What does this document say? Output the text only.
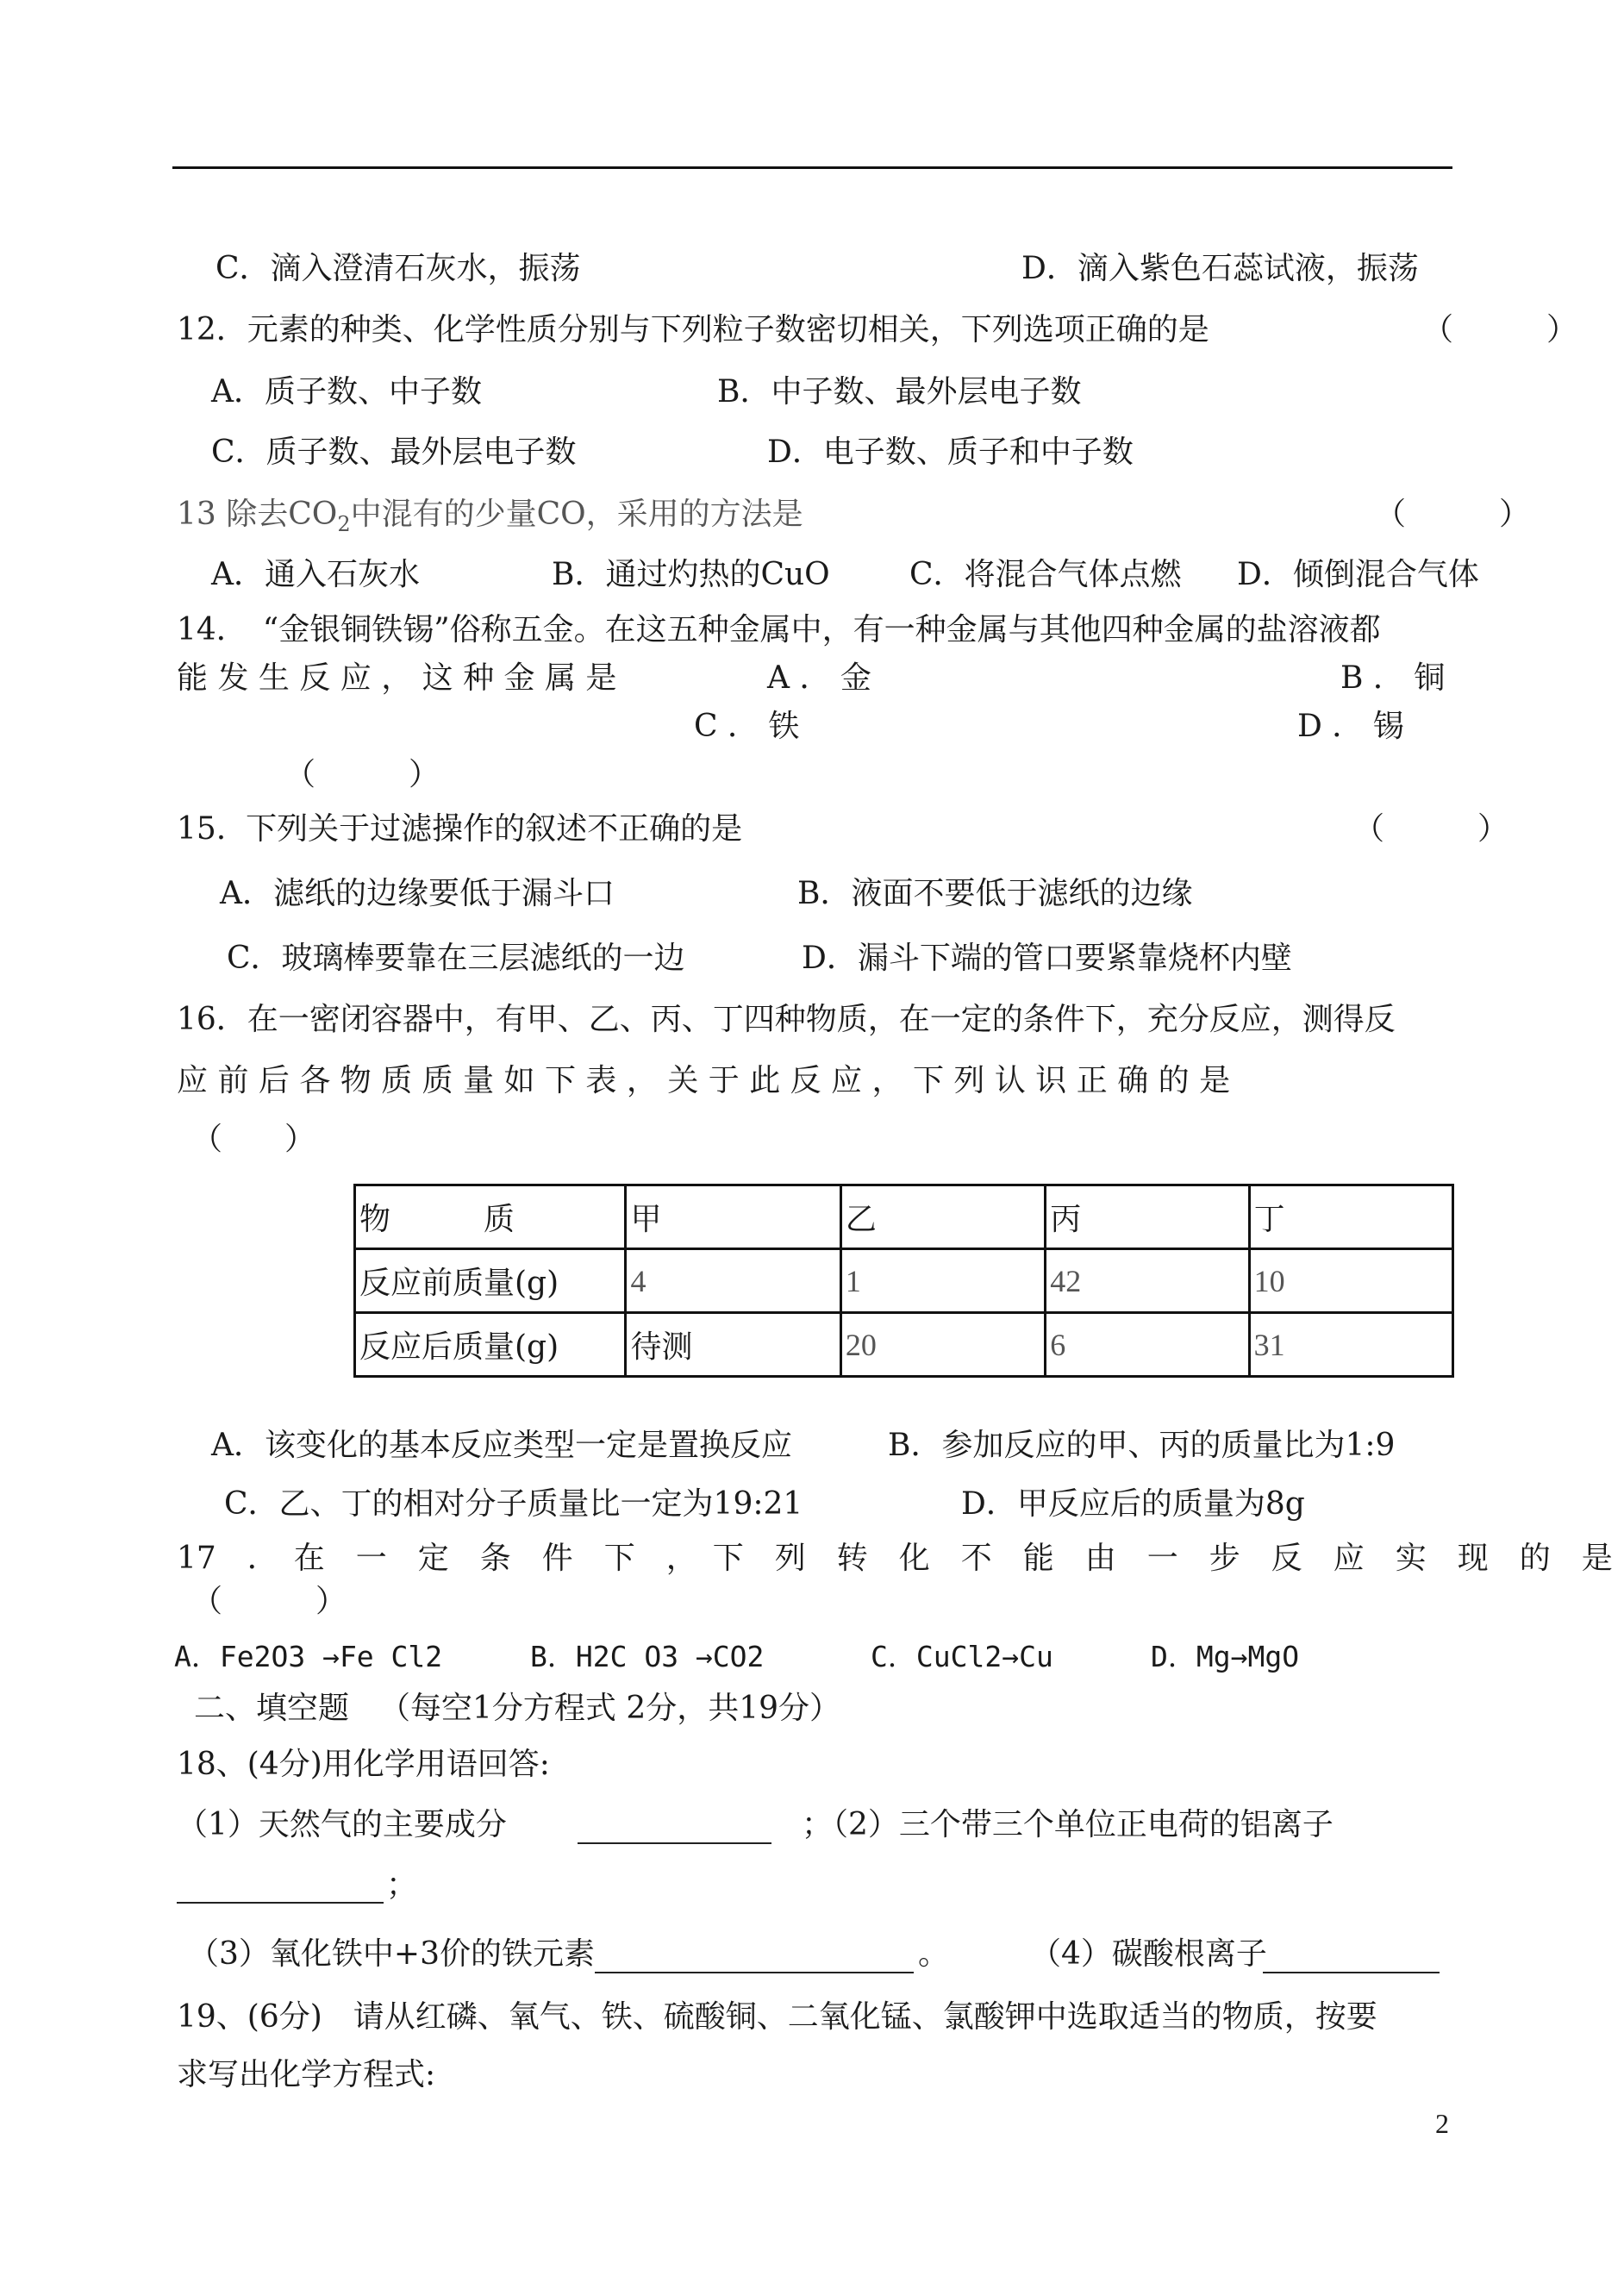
C．滴入澄清石灰水，振荡	D．滴入紫色石蕊试液，振荡
12．元素的种类、化学性质分别与下列粒子数密切相关，下列选项正确的是	（　　　）
A．质子数、中子数	B．中子数、最外层电子数
C．质子数、最外层电子数	D．电子数、质子和中子数
13 除去$CO_2$中混有的少量CO，采用的方法是	（　　　）
A．通入石灰水	B．通过灼热的CuO	C．将混合气体点燃 D．倾倒混合气体
14．　“金银铜铁锡”俗称五金。在这五种金属中，有一种金属与其他四种金属的盐溶液都
能 发 生 反 应 ， 这 种 金 属 是	A ． 金	B ． 铜
C ． 铁	D ． 锡
（　　　）
15.  下列关于过滤操作的叙述不正确的是	（　　　）
A．滤纸的边缘要低于漏斗口	B．液面不要低于滤纸的边缘
C．玻璃棒要靠在三层滤纸的一边	D．漏斗下端的管口要紧靠烧杯内壁
16．在一密闭容器中，有甲、乙、丙、丁四种物质，在一定的条件下，充分反应，测得反
应 前 后 各 物 质 质 量 如 下 表 ， 关 于 此 反 应 ， 下 列 认 识 正 确 的 是
（　　）
物　　　质	甲	乙	丙	丁
反应前质量(g)	4	1	42	10
反应后质量(g)	待测	20	6	31
A．该变化的基本反应类型一定是置换反应	B．参加反应的甲、丙的质量比为1:9
C．乙、丁的相对分子质量比一定为19:21	D．甲反应后的质量为8g
17　．　在　一　定　条　件　下　，　下　列　转　化　不　能　由　一　步　反　应　实　现　的　是
（　　　）
A．Fe2O3 →Fe Cl2	B．H2C O3 →CO2	C．CuCl2→Cu	D．Mg→MgO
二、填空题 （每空1分方程式 2分，共19分）
18、(4分)用化学用语回答:
（1）天然气的主要成分	；（2）三个带三个单位正电荷的铝离子
；
（3）氧化铁中+3价的铁元素	。	（4）碳酸根离子
19、(6分)　请从红磷、氧气、铁、硫酸铜、二氧化锰、氯酸钾中选取适当的物质，按要
求写出化学方程式:
2
